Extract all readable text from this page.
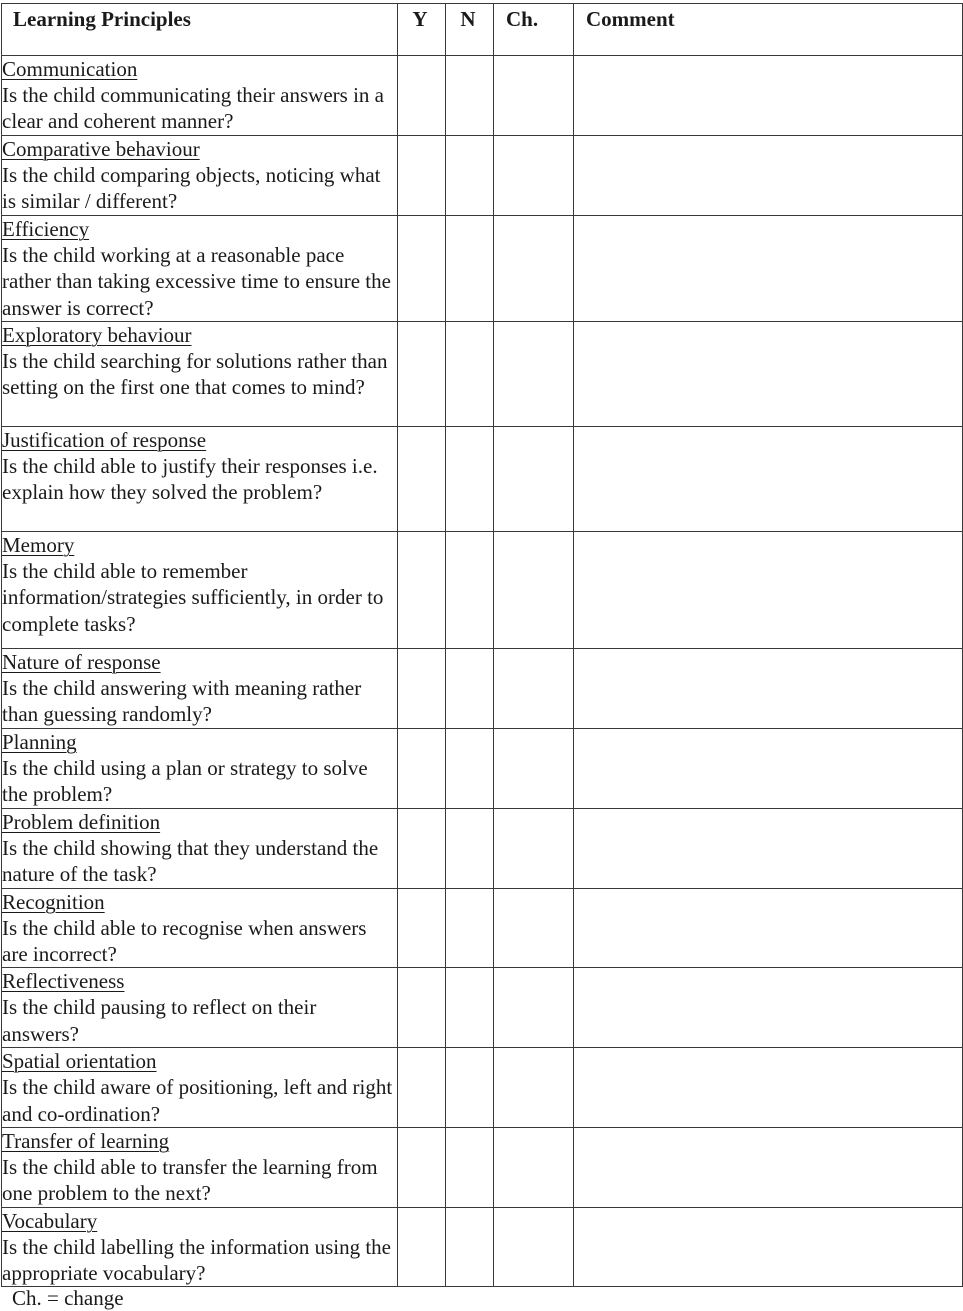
Learning Principles	Y	N	Ch.	Comment

Communication
Is the child communicating their answers in a clear and coherent manner?				

Comparative behaviour
Is the child comparing objects, noticing what is similar / different?				

Efficiency
Is the child working at a reasonable pace rather than taking excessive time to ensure the answer is correct?				

Exploratory behaviour
Is the child searching for solutions rather than setting on the first one that comes to mind?				

Justification of response
Is the child able to justify their responses i.e. explain how they solved the problem?				

Memory
Is the child able to remember information/strategies sufficiently, in order to complete tasks?				

Nature of response
Is the child answering with meaning rather than guessing randomly?				

Planning
Is the child using a plan or strategy to solve the problem?				

Problem definition
Is the child showing that they understand the nature of the task?				

Recognition
Is the child able to recognise when answers are incorrect?				

Reflectiveness
Is the child pausing to reflect on their answers?				

Spatial orientation
Is the child aware of positioning, left and right and co-ordination?				

Transfer of learning
Is the child able to transfer the learning from one problem to the next?				

Vocabulary
Is the child labelling the information using the appropriate vocabulary?				

Ch. = change
